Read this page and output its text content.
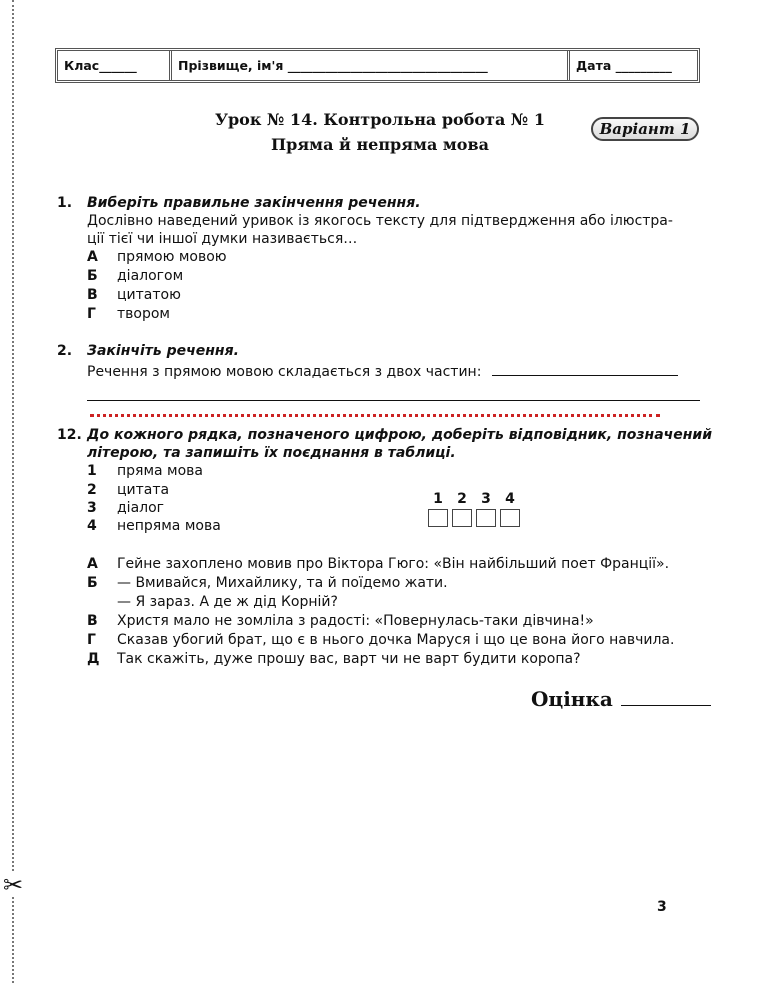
✂
Клас______	Прізвище, ім'я ________________________________	Дата _________
Урок № 14. Контрольна робота № 1
Пряма й непряма мова
Варіант 1
1. Виберіть правильне закінчення речення.
Дослівно наведений уривок із якогось тексту для підтвердження або ілюстра-
ції тієї чи іншої думки називається…
А прямою мовою
Б діалогом
В цитатою
Г твором
2. Закінчіть речення.
Речення з прямою мовою складається з двох частин:
12. До кожного рядка, позначеного цифрою, доберіть відповідник, позначений
літерою, та запишіть їх поєднання в таблиці.
1 пряма мова
2 цитата
3 діалог
4 непряма мова
1	2	3	4
А Гейне захоплено мовив про Віктора Гюго: «Він найбільший поет Франції».
Б — Вмивайся, Михайлику, та й поїдемо жати.
— Я зараз. А де ж дід Корній?
В Христя мало не зомліла з радості: «Повернулась-таки дівчина!»
Г Сказав убогий брат, що є в нього дочка Маруся і що це вона його навчила.
Д Так скажіть, дуже прошу вас, варт чи не варт будити коропа?
Оцінка
3
